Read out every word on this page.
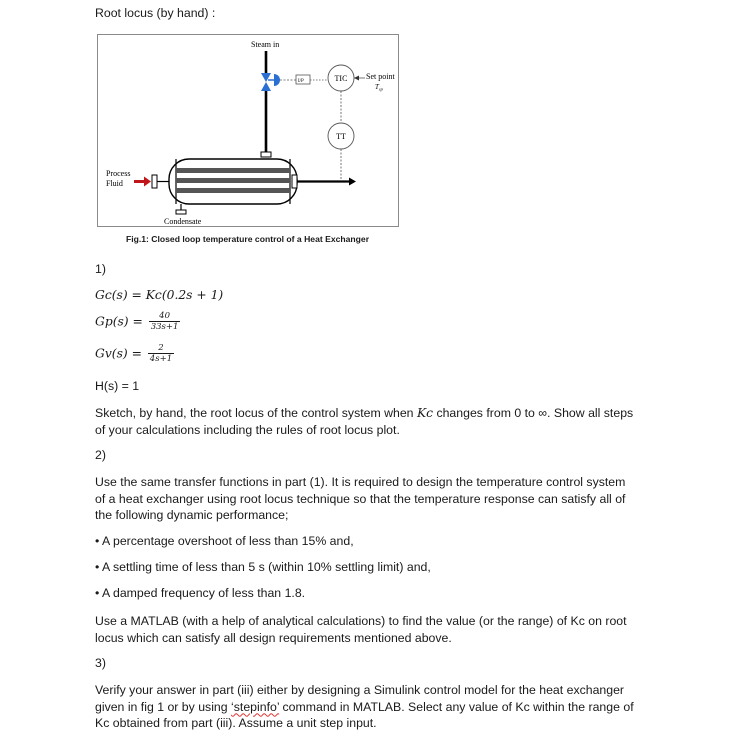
Root locus (by hand) :
Steam in
I/P	TIC Set point
$T_{sp}$
TT
Process
Fluid
Condensate
Fig.1: Closed loop temperature control of a Heat Exchanger
1)
Gc(s) = Kc(0.2s + 1)
$Gp(s) = \frac{40}{33s+1}$
$Gv(s) = \frac{2}{4s+1}$
H(s) = 1
Sketch, by hand, the root locus of the control system when Kc changes from 0 to ∞. Show all steps of your calculations including the rules of root locus plot.
2)
Use the same transfer functions in part (1). It is required to design the temperature control system of a heat exchanger using root locus technique so that the temperature response can satisfy all of the following dynamic performance;
• A percentage overshoot of less than 15% and,
• A settling time of less than 5 s (within 10% settling limit) and,
• A damped frequency of less than 1.8.
Use a MATLAB (with a help of analytical calculations) to find the value (or the range) of Kc on root locus which can satisfy all design requirements mentioned above.
3)
Verify your answer in part (iii) either by designing a Simulink control model for the heat exchanger given in fig 1 or by using ‘stepinfo’ command in MATLAB. Select any value of Kc within the range of Kc obtained from part (iii). Assume a unit step input.
